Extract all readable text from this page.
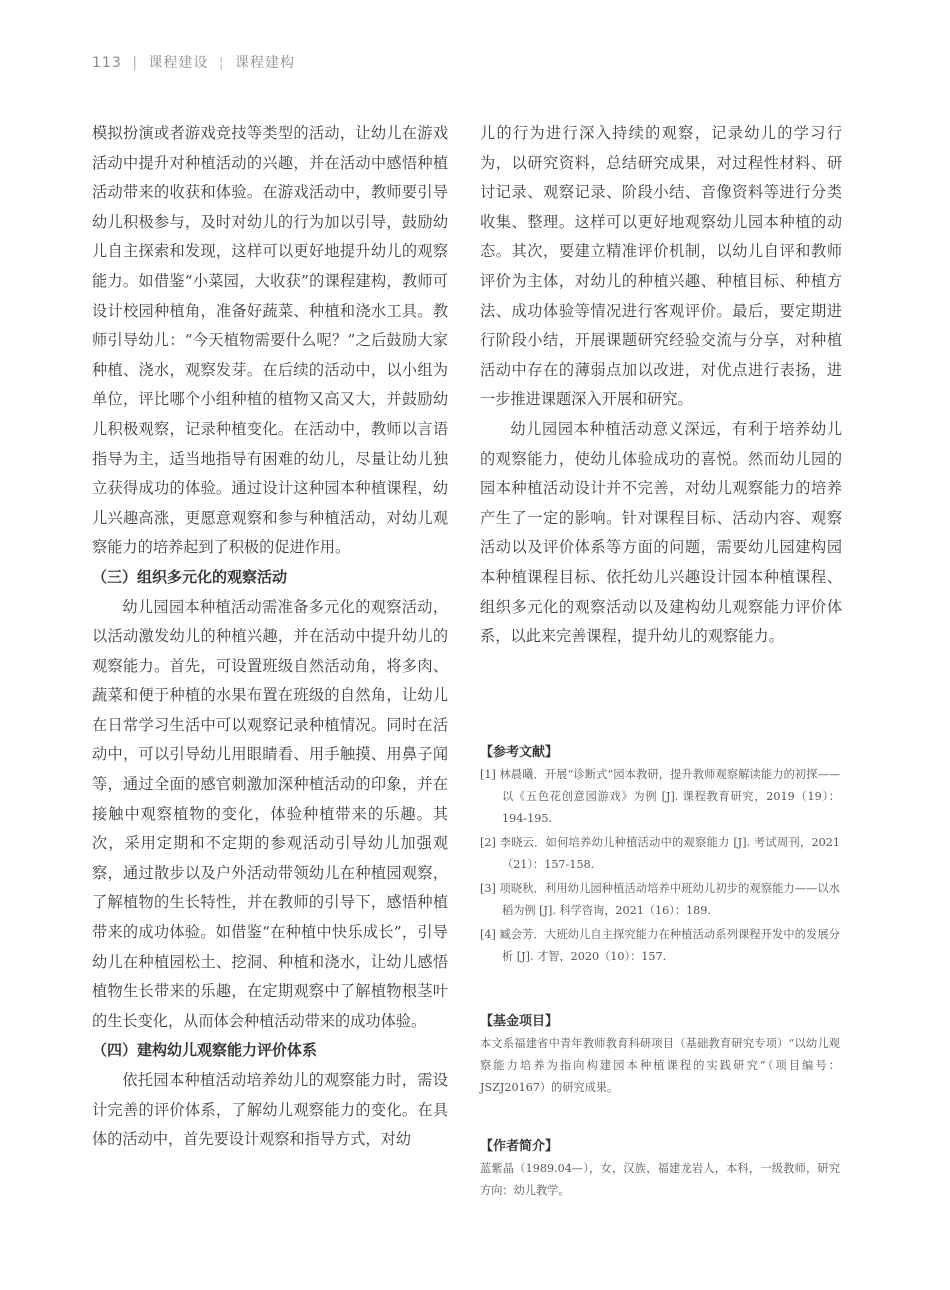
113 | 课程建设 ¦ 课程建构

模拟扮演或者游戏竞技等类型的活动，让幼儿在游戏活动中提升对种植活动的兴趣，并在活动中感悟种植活动带来的收获和体验。在游戏活动中，教师要引导幼儿积极参与，及时对幼儿的行为加以引导，鼓励幼儿自主探索和发现，这样可以更好地提升幼儿的观察能力。如借鉴“小菜园，大收获”的课程建构，教师可设计校园种植角，准备好蔬菜、种植和浇水工具。教师引导幼儿：“今天植物需要什么呢？”之后鼓励大家种植、浇水，观察发芽。在后续的活动中，以小组为单位，评比哪个小组种植的植物又高又大，并鼓励幼儿积极观察，记录种植变化。在活动中，教师以言语指导为主，适当地指导有困难的幼儿，尽量让幼儿独立获得成功的体验。通过设计这种园本种植课程，幼儿兴趣高涨，更愿意观察和参与种植活动，对幼儿观察能力的培养起到了积极的促进作用。

（三）组织多元化的观察活动

幼儿园园本种植活动需准备多元化的观察活动，以活动激发幼儿的种植兴趣，并在活动中提升幼儿的观察能力。首先，可设置班级自然活动角，将多肉、蔬菜和便于种植的水果布置在班级的自然角，让幼儿在日常学习生活中可以观察记录种植情况。同时在活动中，可以引导幼儿用眼睛看、用手触摸、用鼻子闻等，通过全面的感官刺激加深种植活动的印象，并在接触中观察植物的变化，体验种植带来的乐趣。其次，采用定期和不定期的参观活动引导幼儿加强观察，通过散步以及户外活动带领幼儿在种植园观察，了解植物的生长特性，并在教师的引导下，感悟种植带来的成功体验。如借鉴“在种植中快乐成长”，引导幼儿在种植园松土、挖洞、种植和浇水，让幼儿感悟植物生长带来的乐趣，在定期观察中了解植物根茎叶的生长变化，从而体会种植活动带来的成功体验。

（四）建构幼儿观察能力评价体系

依托园本种植活动培养幼儿的观察能力时，需设计完善的评价体系，了解幼儿观察能力的变化。在具体的活动中，首先要设计观察和指导方式，对幼

儿的行为进行深入持续的观察，记录幼儿的学习行为，以研究资料，总结研究成果，对过程性材料、研讨记录、观察记录、阶段小结、音像资料等进行分类收集、整理。这样可以更好地观察幼儿园本种植的动态。其次，要建立精准评价机制，以幼儿自评和教师评价为主体，对幼儿的种植兴趣、种植目标、种植方法、成功体验等情况进行客观评价。最后，要定期进行阶段小结，开展课题研究经验交流与分享，对种植活动中存在的薄弱点加以改进，对优点进行表扬，进一步推进课题深入开展和研究。

幼儿园园本种植活动意义深远，有利于培养幼儿的观察能力，使幼儿体验成功的喜悦。然而幼儿园的园本种植活动设计并不完善，对幼儿观察能力的培养产生了一定的影响。针对课程目标、活动内容、观察活动以及评价体系等方面的问题，需要幼儿园建构园本种植课程目标、依托幼儿兴趣设计园本种植课程、组织多元化的观察活动以及建构幼儿观察能力评价体系，以此来完善课程，提升幼儿的观察能力。

【参考文献】

[1] 林晨曦．开展“诊断式”园本教研，提升教师观察解读能力的初探——以《五色花创意园游戏》为例 [J]. 课程教育研究，2019（19）：194-195.

[2] 李晓云．如何培养幼儿种植活动中的观察能力 [J]. 考试周刊，2021（21）：157-158.

[3] 项晓秋．利用幼儿园种植活动培养中班幼儿初步的观察能力——以水稻为例 [J]. 科学咨询，2021（16）：189.

[4] 臧会芳．大班幼儿自主探究能力在种植活动系列课程开发中的发展分析 [J]. 才智，2020（10）：157.

【基金项目】

本文系福建省中青年教师教育科研项目（基础教育研究专项）“以幼儿观察能力培养为指向构建园本种植课程的实践研究”（项目编号：JSZJ20167）的研究成果。

【作者简介】

蓝紫晶（1989.04—），女，汉族，福建龙岩人，本科，一级教师，研究方向：幼儿教学。
